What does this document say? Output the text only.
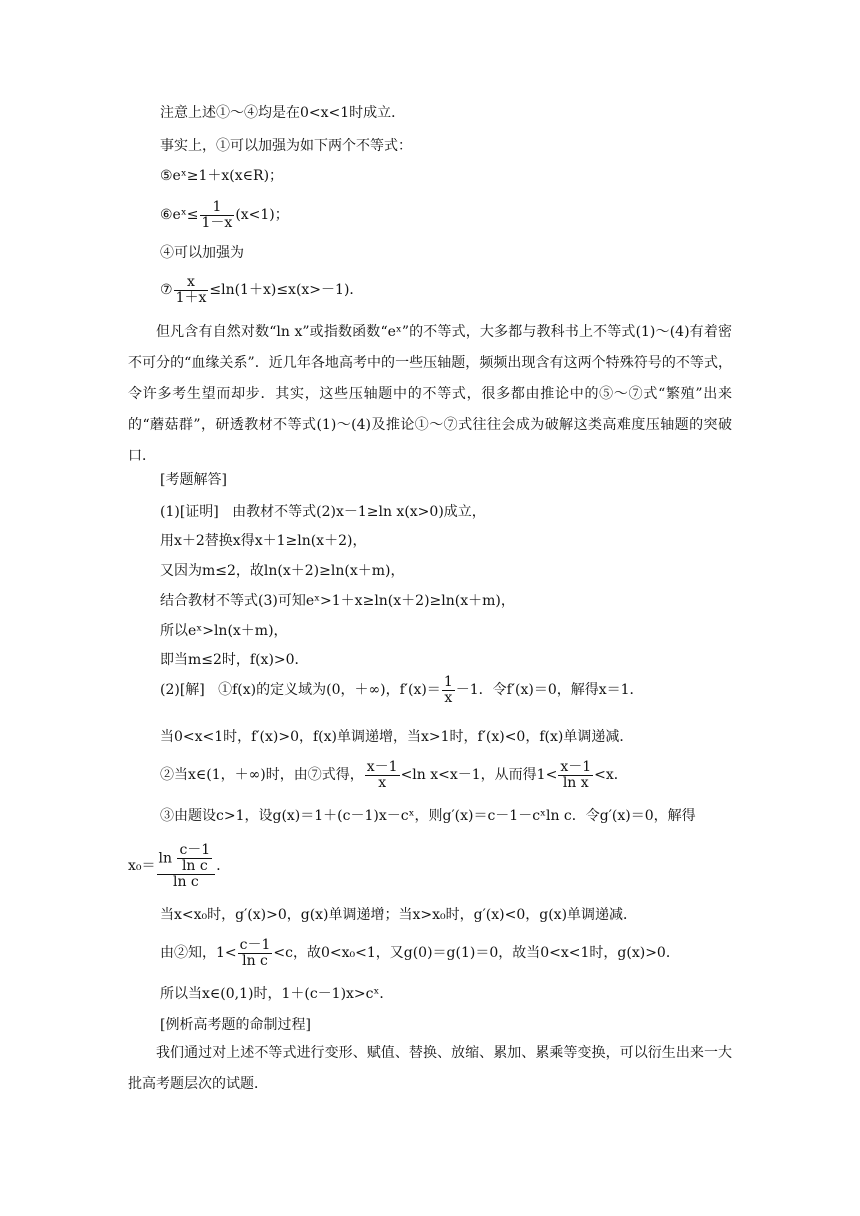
注意上述①～④均是在0<x<1时成立．
事实上，①可以加强为如下两个不等式：
⑤eˣ≥1＋x(x∈R)；
⑥eˣ≤ $\frac{1}{1-x} (x<1)$；
④可以加强为
⑦ $\frac{x}{1+x} \le\ln(1+x)\le x(x>-1)$．
但凡含有自然对数“ln x”或指数函数“eˣ”的不等式，大多都与教科书上不等式(1)～(4)有着密不可分的“血缘关系”．近几年各地高考中的一些压轴题，频频出现含有这两个特殊符号的不等式，令许多考生望而却步．其实，这些压轴题中的不等式，很多都由推论中的⑤～⑦式“繁殖”出来的“蘑菇群”，研透教材不等式(1)～(4)及推论①～⑦式往往会成为破解这类高难度压轴题的突破口．
[考题解答]
(1)[证明] 由教材不等式(2)x－1≥ln x(x>0)成立，
用x＋2替换x得x＋1≥ln(x＋2)，
又因为m≤2，故ln(x＋2)≥ln(x＋m)，
结合教材不等式(3)可知eˣ>1＋x≥ln(x＋2)≥ln(x＋m)，
所以eˣ>ln(x＋m)，
即当m≤2时，f(x)>0．
(2)[解] ①f(x)的定义域为(0，＋∞)，$f'(x)= \frac{1}{x} -1$．令f′(x)＝0，解得x＝1．
当0<x<1时，f′(x)>0，f(x)单调递增，当x>1时，f′(x)<0，f(x)单调递减．
②当x∈(1，＋∞)时，由⑦式得， $\frac{x-1}{x} <\ln$ x<x－1，从而得$1< \frac{x-1}{\text{ln x}} <x$．
③由题设c>1，设g(x)＝1＋(c－1)x－cˣ，则g′(x)＝c－1－cˣln c．令g′(x)＝0，解得
$x_0= \frac{\ln \frac{c-1}{\text{ln c}}}{\text{ln c}}$ ．
当x<x₀时，g′(x)>0，g(x)单调递增；当x>x₀时，g′(x)<0，g(x)单调递减．
由②知，$1< \frac{c-1}{\text{ln c}} <c$，故0<x₀<1，又g(0)＝g(1)＝0，故当0<x<1时，g(x)>0．
所以当x∈(0,1)时，1＋(c－1)x>cˣ．
[例析高考题的命制过程]
我们通过对上述不等式进行变形、赋值、替换、放缩、累加、累乘等变换，可以衍生出来一大批高考题层次的试题．
